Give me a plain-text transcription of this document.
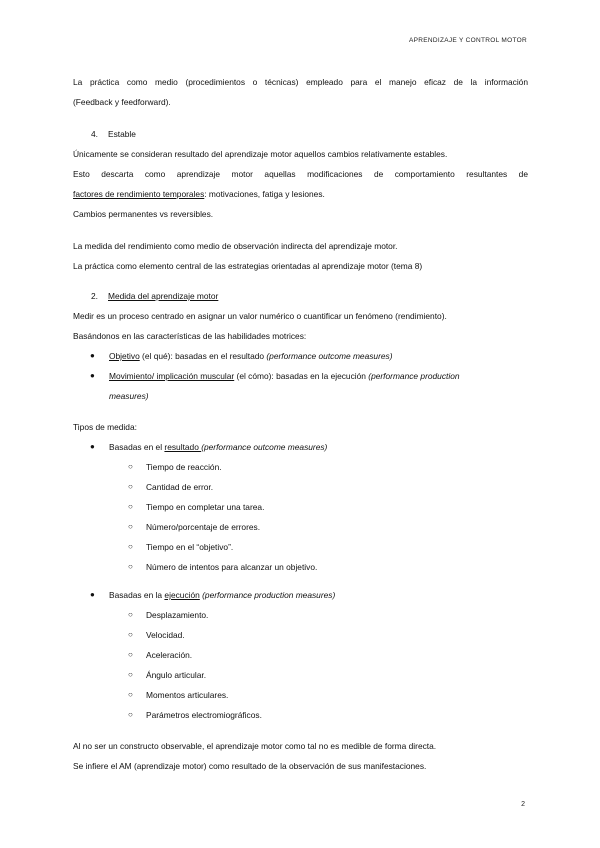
APRENDIZAJE Y CONTROL MOTOR
La práctica como medio (procedimientos o técnicas) empleado para el manejo eficaz de la información
(Feedback y feedforward).
4. Estable
Únicamente se consideran resultado del aprendizaje motor aquellos cambios relativamente estables.
Esto descarta como aprendizaje motor aquellas modificaciones de comportamiento resultantes de
factores de rendimiento temporales: motivaciones, fatiga y lesiones.
Cambios permanentes vs reversibles.
La medida del rendimiento como medio de observación indirecta del aprendizaje motor.
La práctica como elemento central de las estrategias orientadas al aprendizaje motor (tema 8)
2. Medida del aprendizaje motor
Medir es un proceso centrado en asignar un valor numérico o cuantificar un fenómeno (rendimiento).
Basándonos en las características de las habilidades motrices:
● Objetivo (el qué): basadas en el resultado (performance outcome measures)
● Movimiento/ implicación muscular (el cómo): basadas en la ejecución (performance production
measures)
Tipos de medida:
● Basadas en el resultado (performance outcome measures)
○ Tiempo de reacción.
○ Cantidad de error.
○ Tiempo en completar una tarea.
○ Número/porcentaje de errores.
○ Tiempo en el “objetivo”.
○ Número de intentos para alcanzar un objetivo.
● Basadas en la ejecución (performance production measures)
○ Desplazamiento.
○ Velocidad.
○ Aceleración.
○ Ángulo articular.
○ Momentos articulares.
○ Parámetros electromiográficos.
Al no ser un constructo observable, el aprendizaje motor como tal no es medible de forma directa.
Se infiere el AM (aprendizaje motor) como resultado de la observación de sus manifestaciones.
2
